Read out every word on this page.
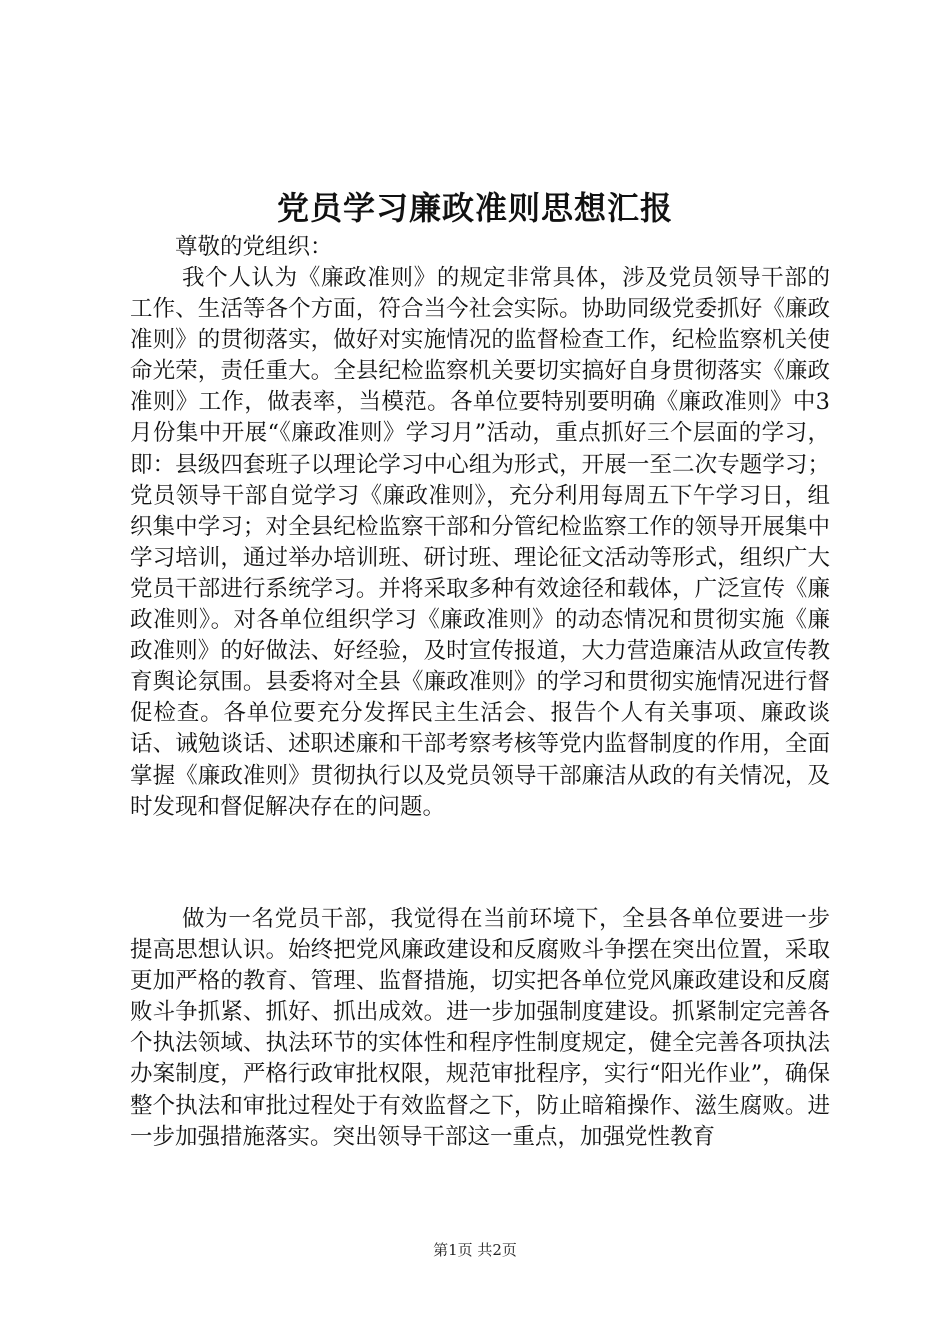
党员学习廉政准则思想汇报

尊敬的党组织：

我个人认为《廉政准则》的规定非常具体，涉及党员领导干部的工作、生活等各个方面，符合当今社会实际。协助同级党委抓好《廉政准则》的贯彻落实，做好对实施情况的监督检查工作，纪检监察机关使命光荣，责任重大。全县纪检监察机关要切实搞好自身贯彻落实《廉政准则》工作，做表率，当模范。各单位要特别要明确《廉政准则》中3月份集中开展“《廉政准则》学习月”活动，重点抓好三个层面的学习，即：县级四套班子以理论学习中心组为形式，开展一至二次专题学习；党员领导干部自觉学习《廉政准则》，充分利用每周五下午学习日，组织集中学习；对全县纪检监察干部和分管纪检监察工作的领导开展集中学习培训，通过举办培训班、研讨班、理论征文活动等形式，组织广大党员干部进行系统学习。并将采取多种有效途径和载体，广泛宣传《廉政准则》。对各单位组织学习《廉政准则》的动态情况和贯彻实施《廉政准则》的好做法、好经验，及时宣传报道，大力营造廉洁从政宣传教育舆论氛围。县委将对全县《廉政准则》的学习和贯彻实施情况进行督促检查。各单位要充分发挥民主生活会、报告个人有关事项、廉政谈话、诫勉谈话、述职述廉和干部考察考核等党内监督制度的作用，全面掌握《廉政准则》贯彻执行以及党员领导干部廉洁从政的有关情况，及时发现和督促解决存在的问题。

做为一名党员干部，我觉得在当前环境下，全县各单位要进一步提高思想认识。始终把党风廉政建设和反腐败斗争摆在突出位置，采取更加严格的教育、管理、监督措施，切实把各单位党风廉政建设和反腐败斗争抓紧、抓好、抓出成效。进一步加强制度建设。抓紧制定完善各个执法领域、执法环节的实体性和程序性制度规定，健全完善各项执法办案制度，严格行政审批权限，规范审批程序，实行“阳光作业”，确保整个执法和审批过程处于有效监督之下，防止暗箱操作、滋生腐败。进一步加强措施落实。突出领导干部这一重点，加强党性教育

第1页 共2页
